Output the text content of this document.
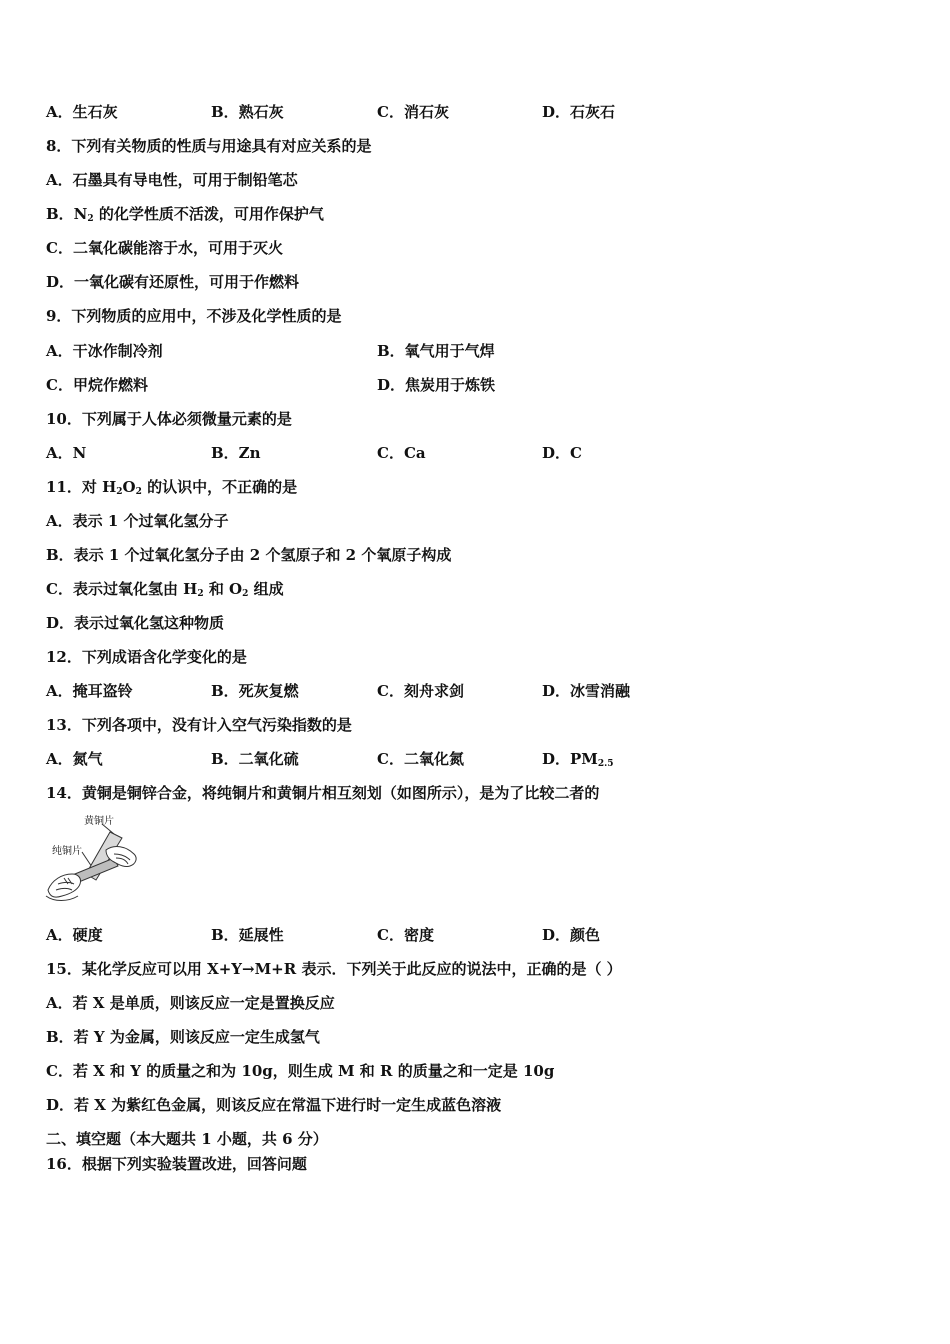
A．生石灰	B．熟石灰	C．消石灰	D．石灰石
8．下列有关物质的性质与用途具有对应关系的是
A．石墨具有导电性，可用于制铅笔芯
B．$N_2$ 的化学性质不活泼，可用作保护气
C．二氧化碳能溶于水，可用于灭火
D．一氧化碳有还原性，可用于作燃料
9．下列物质的应用中，不涉及化学性质的是
A．干冰作制冷剂	B．氧气用于气焊
C．甲烷作燃料	D．焦炭用于炼铁
10．下列属于人体必须微量元素的是
A．N	B．Zn	C．Ca	D．C
11．对 $H_2O_2$ 的认识中，不正确的是
A．表示 1 个过氧化氢分子
B．表示 1 个过氧化氢分子由 2 个氢原子和 2 个氧原子构成
C．表示过氧化氢由 $H_2$ 和 $O_2$ 组成
D．表示过氧化氢这种物质
12．下列成语含化学变化的是
A．掩耳盗铃	B．死灰复燃	C．刻舟求剑	D．冰雪消融
13．下列各项中，没有计入空气污染指数的是
A．氮气	B．二氧化硫	C．二氧化氮	D．$PM_{2.5}$
14．黄铜是铜锌合金，将纯铜片和黄铜片相互刻划（如图所示），是为了比较二者的
黄铜片
纯铜片
A．硬度	B．延展性	C．密度	D．颜色
15．某化学反应可以用 X+Y→M+R 表示．下列关于此反应的说法中，正确的是（ ）
A．若 X 是单质，则该反应一定是置换反应
B．若 Y 为金属，则该反应一定生成氢气
C．若 X 和 Y 的质量之和为 10g，则生成 M 和 R 的质量之和一定是 10g
D．若 X 为紫红色金属，则该反应在常温下进行时一定生成蓝色溶液
二、填空题（本大题共 1 小题，共 6 分）
16．根据下列实验装置改进，回答问题
